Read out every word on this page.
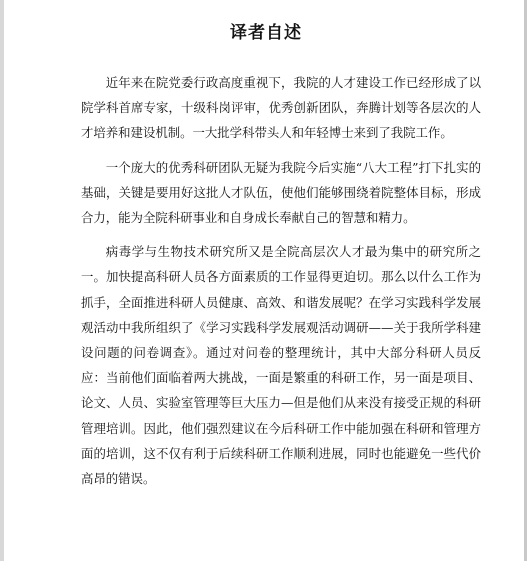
译者自述

近年来在院党委行政高度重视下，我院的人才建设工作已经形成了以院学科首席专家，十级科岗评审，优秀创新团队，奔腾计划等各层次的人才培养和建设机制。一大批学科带头人和年轻博士来到了我院工作。

一个庞大的优秀科研团队无疑为我院今后实施“八大工程”打下扎实的基础，关键是要用好这批人才队伍，使他们能够围绕着院整体目标，形成合力，能为全院科研事业和自身成长奉献自己的智慧和精力。

病毒学与生物技术研究所又是全院高层次人才最为集中的研究所之一。加快提高科研人员各方面素质的工作显得更迫切。那么以什么工作为抓手，全面推进科研人员健康、高效、和谐发展呢？在学习实践科学发展观活动中我所组织了《学习实践科学发展观活动调研——关于我所学科建设问题的问卷调查》。通过对问卷的整理统计，其中大部分科研人员反应：当前他们面临着两大挑战，一面是繁重的科研工作，另一面是项目、论文、人员、实验室管理等巨大压力—但是他们从来没有接受正规的科研管理培训。因此，他们强烈建议在今后科研工作中能加强在科研和管理方面的培训，这不仅有利于后续科研工作顺利进展，同时也能避免一些代价高昂的错误。
